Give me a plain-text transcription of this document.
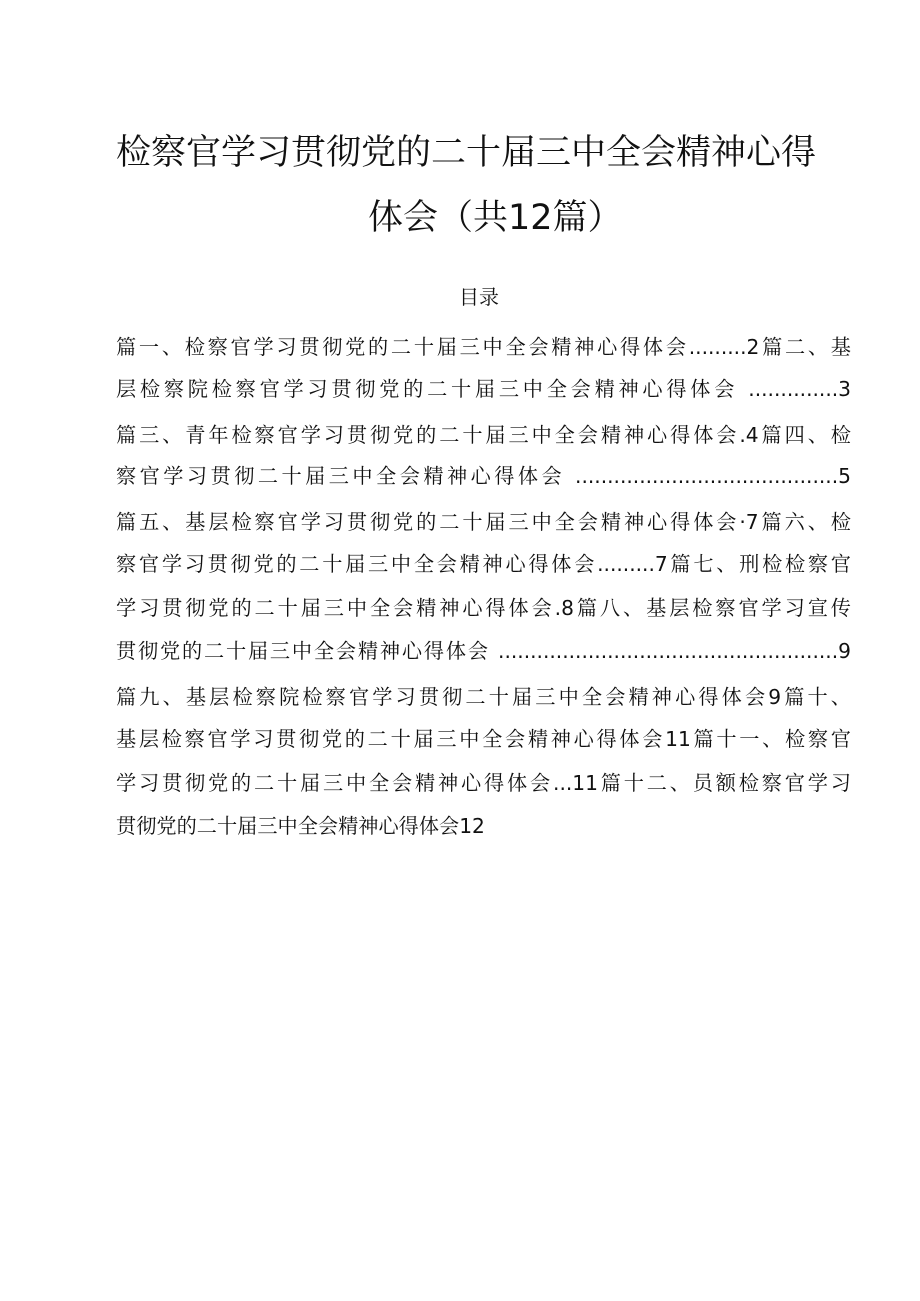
检察官学习贯彻党的二十届三中全会精神心得
体会（共12篇）
目录
篇一、检察官学习贯彻党的二十届三中全会精神心得体会.........2篇二、基
层检察院检察官学习贯彻党的二十届三中全会精神心得体会 ..............3
篇三、青年检察官学习贯彻党的二十届三中全会精神心得体会.4篇四、检
察官学习贯彻二十届三中全会精神心得体会 .........................................5
篇五、基层检察官学习贯彻党的二十届三中全会精神心得体会·7篇六、检
察官学习贯彻党的二十届三中全会精神心得体会.........7篇七、刑检检察官
学习贯彻党的二十届三中全会精神心得体会.8篇八、基层检察官学习宣传
贯彻党的二十届三中全会精神心得体会 .....................................................9
篇九、基层检察院检察官学习贯彻二十届三中全会精神心得体会9篇十、
基层检察官学习贯彻党的二十届三中全会精神心得体会11篇十一、检察官
学习贯彻党的二十届三中全会精神心得体会...11篇十二、员额检察官学习
贯彻党的二十届三中全会精神心得体会12
